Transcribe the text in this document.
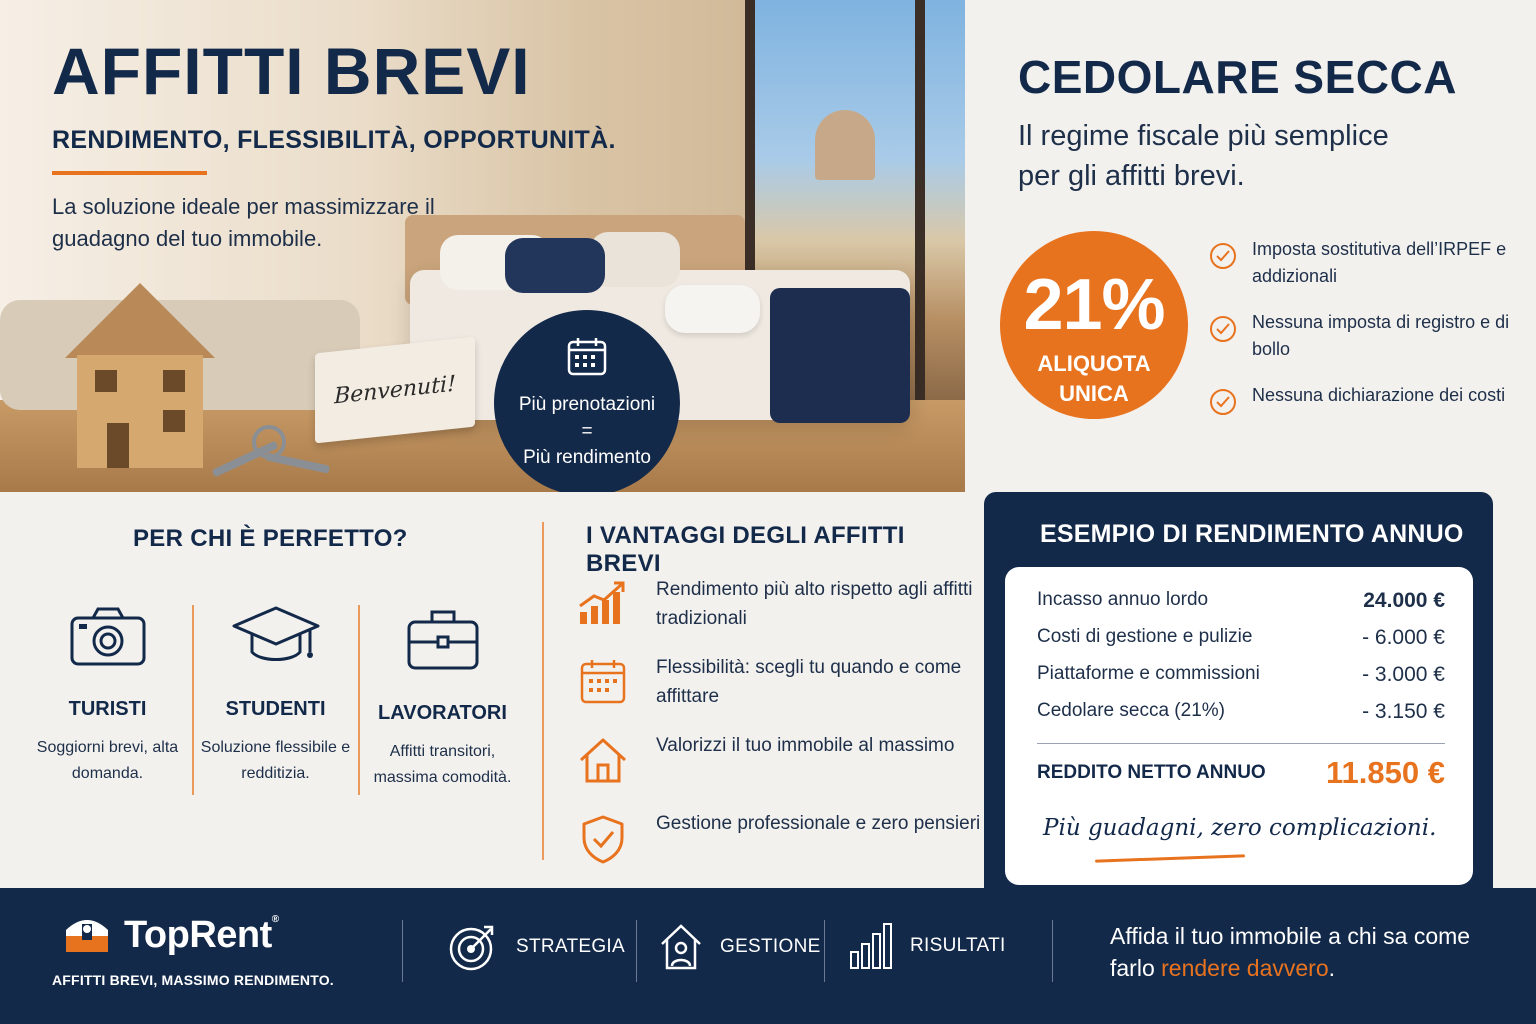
Benvenuti!
AFFITTI BREVI
RENDIMENTO, FLESSIBILITÀ, OPPORTUNITÀ.

La soluzione ideale per massimizzare il guadagno del tuo immobile.

Più prenotazioni
=
Più rendimento
CEDOLARE SECCA

Il regime fiscale più semplice per gli affitti brevi.

21%
ALIQUOTA
UNICA
Imposta sostitutiva dell’IRPEF e addizionali
Nessuna imposta di registro e di bollo
Nessuna dichiarazione dei costi
PER CHI È PERFETTO?
TURISTI
Soggiorni brevi, alta domanda.
STUDENTI
Soluzione flessibile e redditizia.
LAVORATORI
Affitti transitori, massima comodità.
I VANTAGGI DEGLI AFFITTI BREVI
Rendimento più alto rispetto agli affitti tradizionali
Flessibilità: scegli tu quando e come affittare
Valorizzi il tuo immobile al massimo
Gestione professionale e zero pensieri
ESEMPIO DI RENDIMENTO ANNUO
Incasso annuo lordo	24.000 €
Costi di gestione e pulizie	- 6.000 €
Piattaforme e commissioni	- 3.000 €
Cedolare secca (21%)	- 3.150 €
REDDITO NETTO ANNUO 11.850 €
Più guadagni, zero complicazioni.
TopRent®
AFFITTI BREVI, MASSIMO RENDIMENTO.
STRATEGIA	GESTIONE	RISULTATI	Affida il tuo immobile a chi sa come farlo rendere davvero.
